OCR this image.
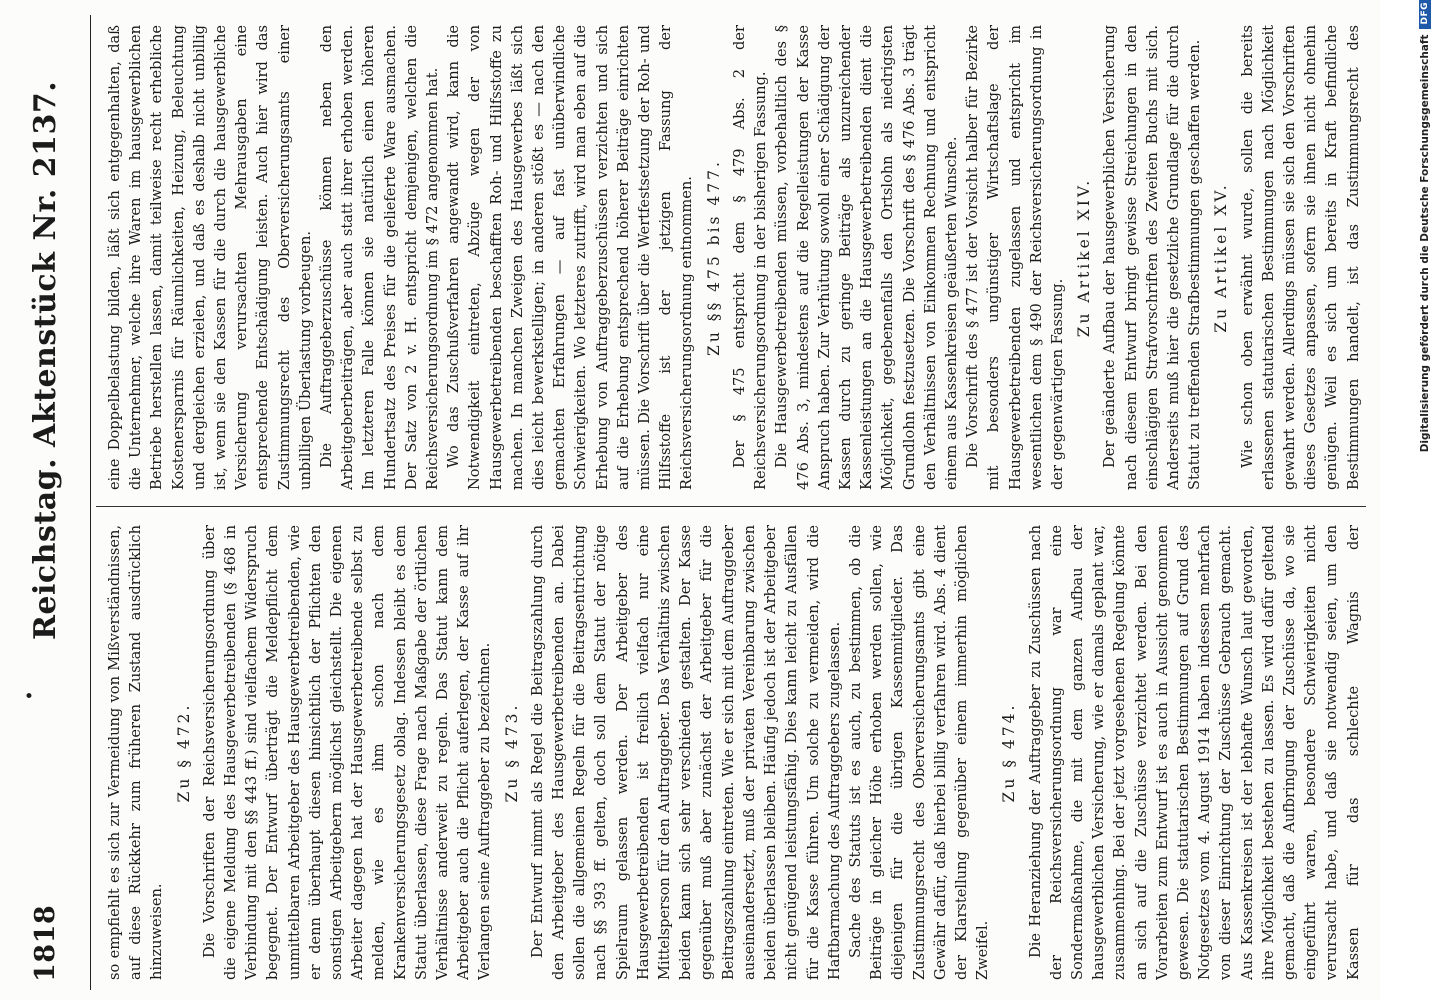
1818
•
Reichstag. Aktenstück Nr. 2137.

so empfiehlt es sich zur Vermeidung von Mißverständnissen, auf diese Rückkehr zum früheren Zustand ausdrücklich hinzuweisen.

Zu § 472. Die Vorschriften der Reichsversicherungsordnung über die eigene Meldung des Hausgewerbetreibenden (§ 468 in Verbindung mit den §§ 443 ff.) sind vielfachem Widerspruch begegnet. Der Entwurf überträgt die Meldepflicht dem unmittelbaren Arbeitgeber des Hausgewerbetreibenden, wie er denn überhaupt diesen hinsichtlich der Pflichten den sonstigen Arbeitgebern möglichst gleichstellt. Die eigenen Arbeiter dagegen hat der Hausgewerbetreibende selbst zu melden, wie es ihm schon nach dem Krankenversicherungsgesetz oblag. Indessen bleibt es dem Statut überlassen, diese Frage nach Maßgabe der örtlichen Verhältnisse anderweit zu regeln. Das Statut kann dem Arbeitgeber auch die Pflicht auferlegen, der Kasse auf ihr Verlangen seine Auftraggeber zu bezeichnen. Zu § 473. Der Entwurf nimmt als Regel die Beitragszahlung durch den Arbeitgeber des Hausgewerbetreibenden an. Dabei sollen die allgemeinen Regeln für die Beitragsentrichtung nach §§ 393 ff. gelten, doch soll dem Statut der nötige Spielraum gelassen werden. Der Arbeitgeber des Hausgewerbetreibenden ist freilich vielfach nur eine Mittelsperson für den Auftraggeber. Das Verhältnis zwischen beiden kann sich sehr verschieden gestalten. Der Kasse gegenüber muß aber zunächst der Arbeitgeber für die Beitragszahlung eintreten. Wie er sich mit dem Auftraggeber auseinandersetzt, muß der privaten Vereinbarung zwischen beiden überlassen bleiben. Häufig jedoch ist der Arbeitgeber nicht genügend leistungsfähig. Dies kann leicht zu Ausfällen für die Kasse führen. Um solche zu vermeiden, wird die Haftbarmachung des Auftraggebers zugelassen. Sache des Statuts ist es auch, zu bestimmen, ob die Beiträge in gleicher Höhe erhoben werden sollen, wie diejenigen für die übrigen Kassenmitglieder. Das Zustimmungsrecht des Oberversicherungsamts gibt eine Gewähr dafür, daß hierbei billig verfahren wird. Abs. 4 dient der Klarstellung gegenüber einem immerhin möglichen Zweifel.

Zu § 474.

Die Heranziehung der Auftraggeber zu Zuschüssen nach der Reichsversicherungsordnung war eine Sondermaßnahme, die mit dem ganzen Aufbau der hausgewerblichen Versicherung, wie er damals geplant war, zusammenhing. Bei der jetzt vorgesehenen Regelung könnte an sich auf die Zuschüsse verzichtet werden. Bei den Vorarbeiten zum Entwurf ist es auch in Aussicht genommen gewesen. Die statutarischen Bestimmungen auf Grund des Notgesetzes vom 4. August 1914 haben indessen mehrfach von dieser Einrichtung der Zuschüsse Gebrauch gemacht. Aus Kassenkreisen ist der lebhafte Wunsch laut geworden, ihre Möglichkeit bestehen zu lassen. Es wird dafür geltend gemacht, daß die Aufbringung der Zuschüsse da, wo sie eingeführt waren, besondere Schwierigkeiten nicht verursacht habe, und daß sie notwendig seien, um den Kassen für das schlechte Wagnis der

eine Doppelbelastung bilden, läßt sich entgegenhalten, daß die Unternehmer, welche ihre Waren im hausgewerblichen Betriebe herstellen lassen, damit teilweise recht erhebliche Kostenersparnis für Räumlichkeiten, Heizung, Beleuchtung und dergleichen erzielen, und daß es deshalb nicht unbillig ist, wenn sie den Kassen für die durch die hausgewerbliche Versicherung verursachten Mehrausgaben eine entsprechende Entschädigung leisten. Auch hier wird das Zustimmungsrecht des Oberversicherungsamts einer unbilligen Überlastung vorbeugen. Die Auftraggeberzuschüsse können neben den Arbeitgeberbeiträgen, aber auch statt ihrer erhoben werden. Im letzteren Falle können sie natürlich einen höheren Hundertsatz des Preises für die gelieferte Ware ausmachen. Der Satz von 2 v. H. entspricht demjenigen, welchen die Reichsversicherungsordnung im § 472 angenommen hat. Wo das Zuschußverfahren angewandt wird, kann die Notwendigkeit eintreten, Abzüge wegen der von Hausgewerbetreibenden beschafften Roh- und Hilfsstoffe zu machen. In manchen Zweigen des Hausgewerbes läßt sich dies leicht bewerkstelligen; in anderen stößt es — nach den gemachten Erfahrungen — auf fast unüberwindliche Schwierigkeiten. Wo letzteres zutrifft, wird man eben auf die Erhebung von Auftraggeberzuschüssen verzichten und sich auf die Erhebung entsprechend höherer Beiträge einrichten müssen. Die Vorschrift über die Wertfestsetzung der Roh- und Hilfsstoffe ist der jetzigen Fassung der Reichsversicherungsordnung entnommen. Zu §§ 475 bis 477. Der § 475 entspricht dem § 479 Abs. 2 der Reichsversicherungsordnung in der bisherigen Fassung. Die Hausgewerbetreibenden müssen, vorbehaltlich des § 476 Abs. 3, mindestens auf die Regelleistungen der Kasse Anspruch haben. Zur Verhütung sowohl einer Schädigung der Kassen durch zu geringe Beiträge als unzureichender Kassenleistungen an die Hausgewerbetreibenden dient die Möglichkeit, gegebenenfalls den Ortslohn als niedrigsten Grundlohn festzusetzen. Die Vorschrift des § 476 Abs. 3 trägt den Verhältnissen von Einkommen Rechnung und entspricht einem aus Kassenkreisen geäußerten Wunsche. Die Vorschrift des § 477 ist der Vorsicht halber für Bezirke mit besonders ungünstiger Wirtschaftslage der Hausgewerbetreibenden zugelassen und entspricht im wesentlichen dem § 490 der Reichsversicherungsordnung in der gegenwärtigen Fassung.

Zu Artikel XIV. Der geänderte Aufbau der hausgewerblichen Versicherung nach diesem Entwurf bringt gewisse Streichungen in den einschlägigen Strafvorschriften des Zweiten Buchs mit sich. Anderseits muß hier die gesetzliche Grundlage für die durch Statut zu treffenden Strafbestimmungen geschaffen werden. Zu Artikel XV.

Wie schon oben erwähnt wurde, sollen die bereits erlassenen statutarischen Bestimmungen nach Möglichkeit gewahrt werden. Allerdings müssen sie sich den Vorschriften dieses Gesetzes anpassen, sofern sie ihnen nicht ohnehin genügen. Weil es sich um bereits in Kraft befindliche Bestimmungen handelt, ist das Zustimmungsrecht des	Digitalisierung gefördert durch die Deutsche Forschungsgemeinschaft
DFG
